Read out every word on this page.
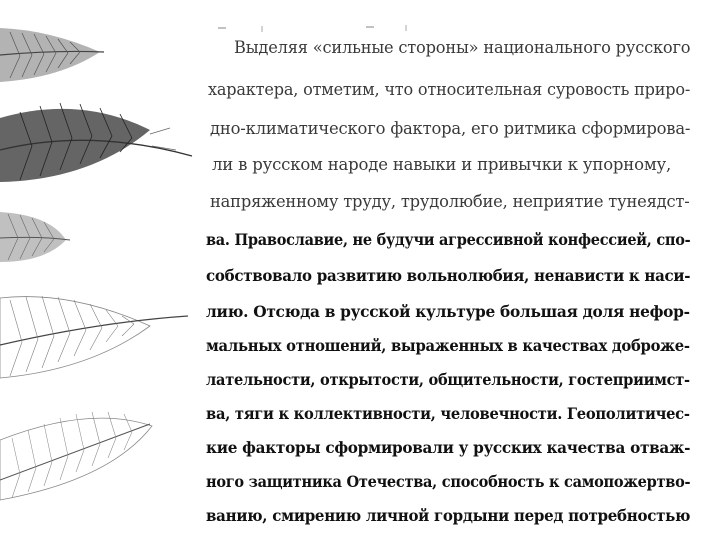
Выделяя «сильные стороны» национального русского
характера, отметим, что относительная суровость приро-
дно-климатического фактора, его ритмика сформирова-
ли в русском народе навыки и привычки к упорному,
напряженному труду, трудолюбие, неприятие тунеядст-
ва. Православие, не будучи агрессивной конфессией, спо-
собствовало развитию вольнолюбия, ненависти к наси-
лию. Отсюда в русской культуре большая доля нефор-
мальных отношений, выраженных в качествах доброже-
лательности, открытости, общительности, гостеприимст-
ва, тяги к коллективности, человечности. Геополитичес-
кие факторы сформировали у русских качества отваж-
ного защитника Отечества, способность к самопожертво-
ванию, смирению личной гордыни перед потребностью
